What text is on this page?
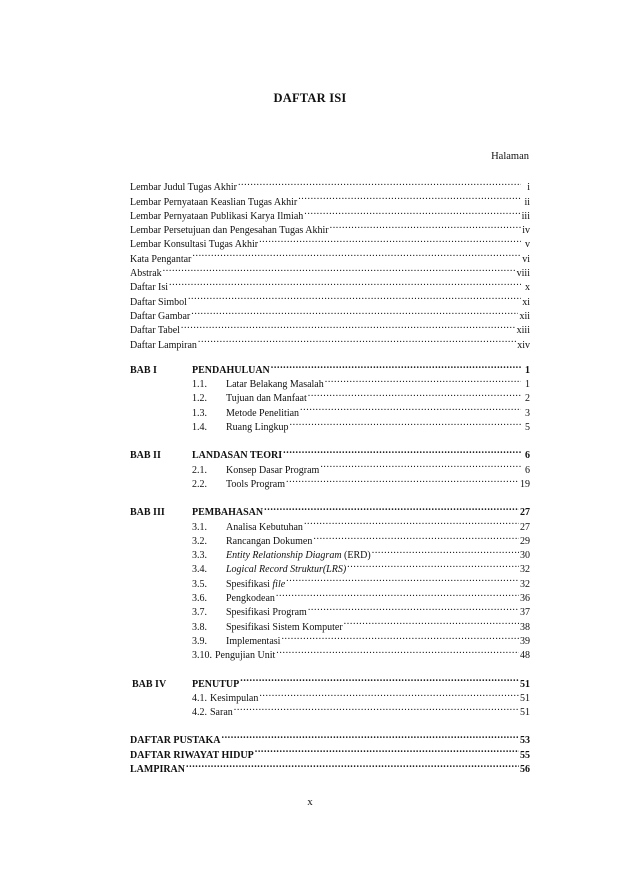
DAFTAR ISI
Halaman
Lembar Judul Tugas Akhir .....	i
Lembar Pernyataan Keaslian Tugas Akhir .....	ii
Lembar Pernyataan Publikasi Karya Ilmiah .....	iii
Lembar Persetujuan dan Pengesahan Tugas Akhir .....	iv
Lembar Konsultasi Tugas Akhir .....	v
Kata Pengantar .....	vi
Abstrak .....	viii
Daftar Isi .....	x
Daftar Simbol .....	xi
Daftar Gambar .....	xii
Daftar Tabel .....	xiii
Daftar Lampiran .....	xiv
BAB I	PENDAHULUAN .....	1
1.1.	Latar Belakang Masalah .....	1
1.2.	Tujuan dan Manfaat .....	2
1.3.	Metode Penelitian .....	3
1.4.	Ruang Lingkup .....	5
BAB II	LANDASAN TEORI .....	6
2.1.	Konsep Dasar Program .....	6
2.2.	Tools Program .....	19
BAB III	PEMBAHASAN .....	27
3.1.	Analisa Kebutuhan .....	27
3.2.	Rancangan Dokumen .....	29
3.3.	Entity Relationship Diagram (ERD) .....	30
3.4.	Logical Record Struktur(LRS) .....	32
3.5.	Spesifikasi file .....	32
3.6.	Pengkodean .....	36
3.7.	Spesifikasi Program .....	37
3.8.	Spesifikasi Sistem Komputer .....	38
3.9.	Implementasi .....	39
3.10. Pengujian Unit .....	48
BAB IV	PENUTUP .....	51
4.1. Kesimpulan .....	51
4.2. Saran .....	51
DAFTAR PUSTAKA .....	53
DAFTAR RIWAYAT HIDUP .....	55
LAMPIRAN .....	56
x
